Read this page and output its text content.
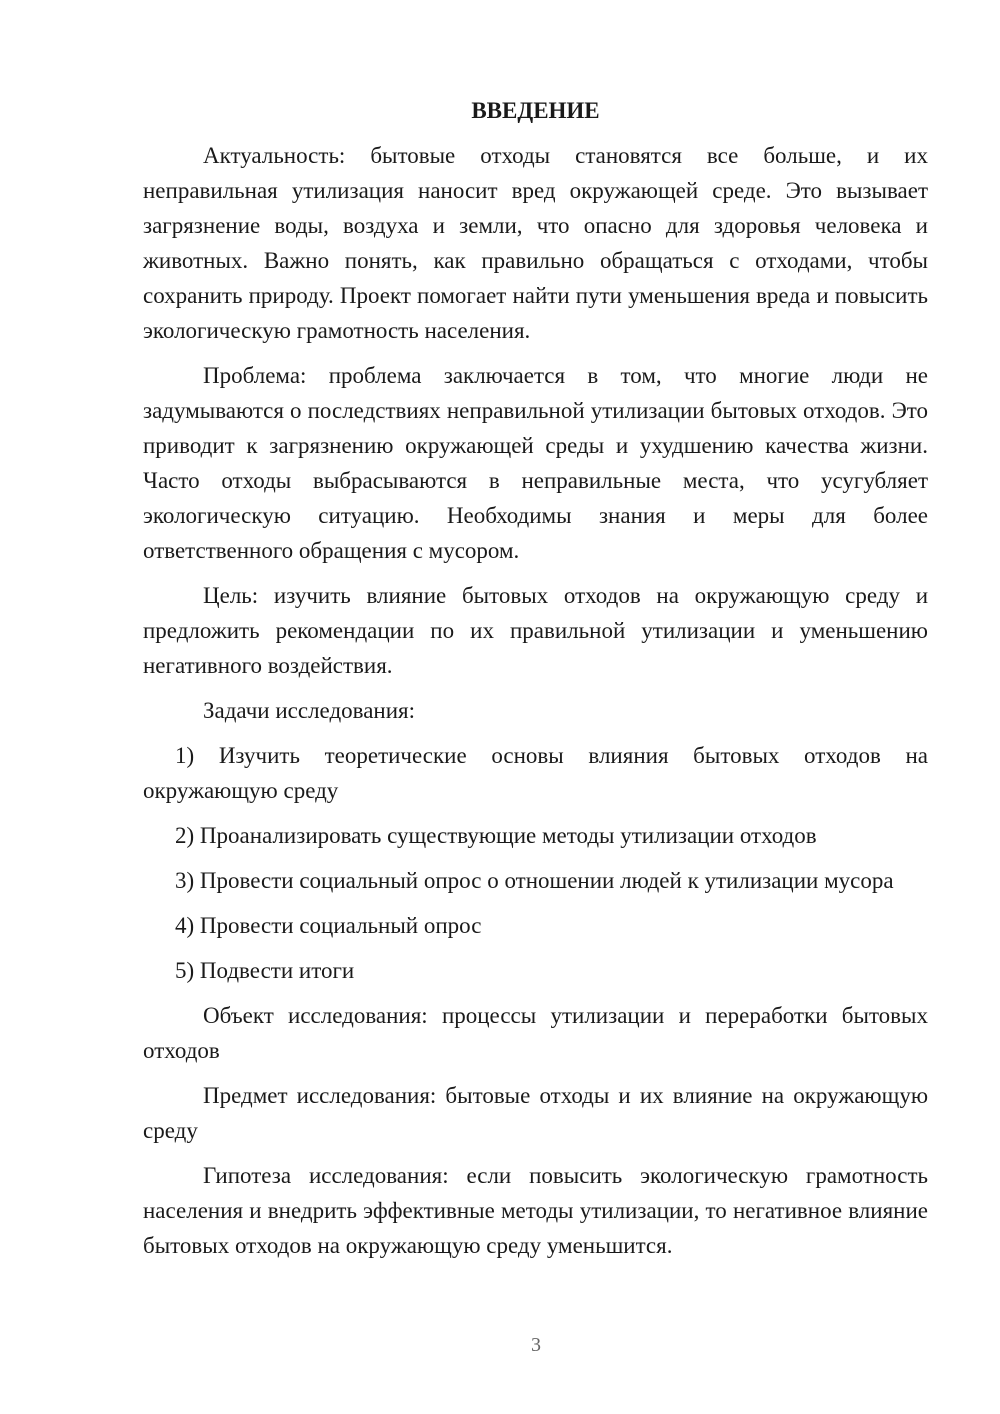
ВВЕДЕНИЕ

Актуальность: бытовые отходы становятся все больше, и их неправильная утилизация наносит вред окружающей среде. Это вызывает загрязнение воды, воздуха и земли, что опасно для здоровья человека и животных. Важно понять, как правильно обращаться с отходами, чтобы сохранить природу. Проект помогает найти пути уменьшения вреда и повысить экологическую грамотность населения.

Проблема: проблема заключается в том, что многие люди не задумываются о последствиях неправильной утилизации бытовых отходов. Это приводит к загрязнению окружающей среды и ухудшению качества жизни. Часто отходы выбрасываются в неправильные места, что усугубляет экологическую ситуацию. Необходимы знания и меры для более ответственного обращения с мусором.

Цель: изучить влияние бытовых отходов на окружающую среду и предложить рекомендации по их правильной утилизации и уменьшению негативного воздействия.

Задачи исследования:

1) Изучить теоретические основы влияния бытовых отходов на окружающую среду

2) Проанализировать существующие методы утилизации отходов

3) Провести социальный опрос о отношении людей к утилизации мусора

4) Провести социальный опрос

5) Подвести итоги

Объект исследования: процессы утилизации и переработки бытовых отходов

Предмет исследования: бытовые отходы и их влияние на окружающую среду

Гипотеза исследования: если повысить экологическую грамотность населения и внедрить эффективные методы утилизации, то негативное влияние бытовых отходов на окружающую среду уменьшится.

3
